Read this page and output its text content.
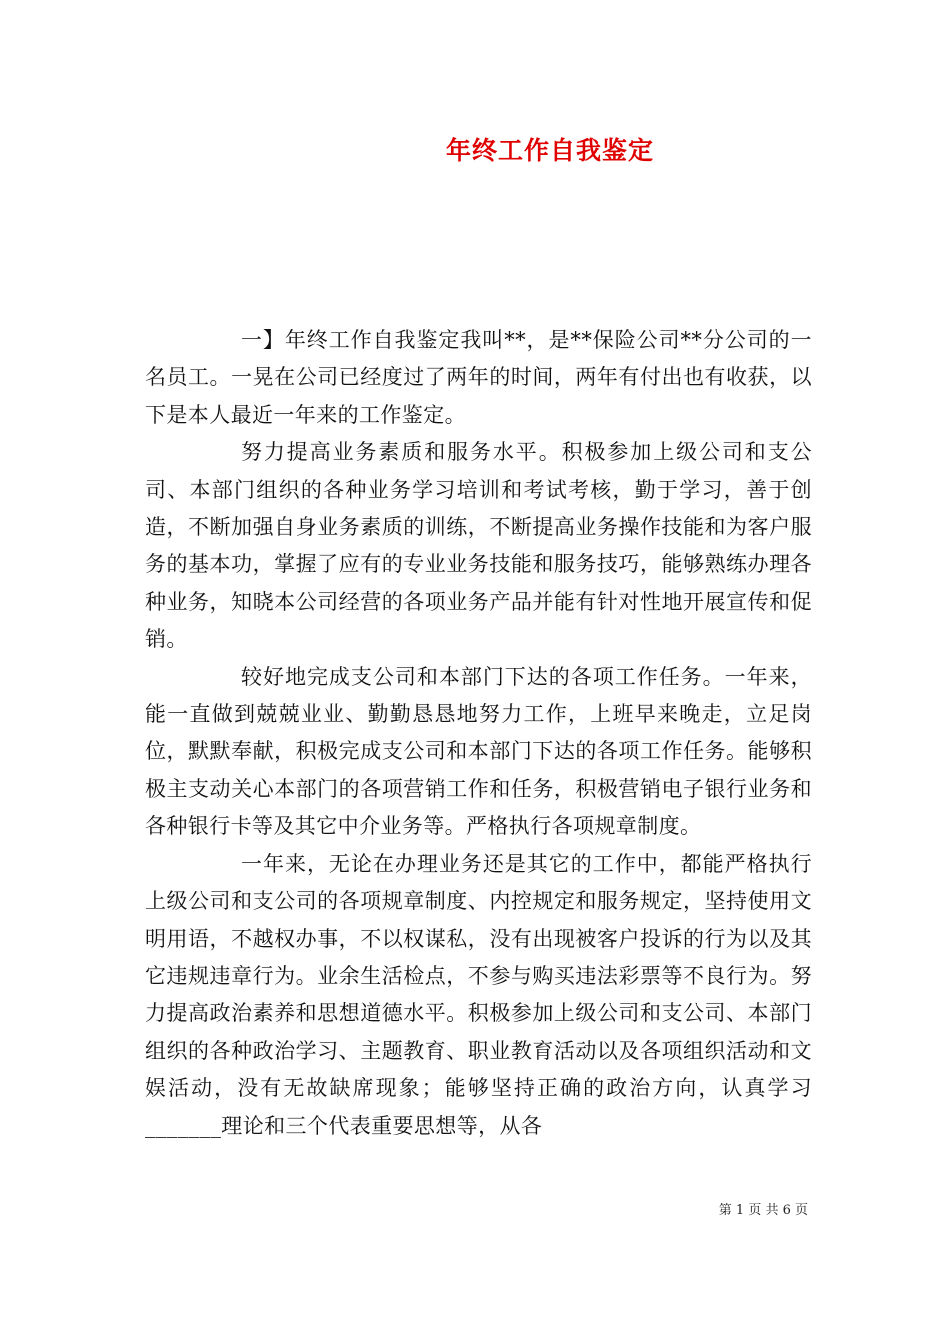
年终工作自我鉴定

一】年终工作自我鉴定我叫**，是**保险公司**分公司的一名员工。一晃在公司已经度过了两年的时间，两年有付出也有收获，以下是本人最近一年来的工作鉴定。

努力提高业务素质和服务水平。积极参加上级公司和支公司、本部门组织的各种业务学习培训和考试考核，勤于学习，善于创造，不断加强自身业务素质的训练，不断提高业务操作技能和为客户服务的基本功，掌握了应有的专业业务技能和服务技巧，能够熟练办理各种业务，知晓本公司经营的各项业务产品并能有针对性地开展宣传和促销。

较好地完成支公司和本部门下达的各项工作任务。一年来，能一直做到兢兢业业、勤勤恳恳地努力工作，上班早来晚走，立足岗位，默默奉献，积极完成支公司和本部门下达的各项工作任务。能够积极主支动关心本部门的各项营销工作和任务，积极营销电子银行业务和各种银行卡等及其它中介业务等。严格执行各项规章制度。

一年来，无论在办理业务还是其它的工作中，都能严格执行上级公司和支公司的各项规章制度、内控规定和服务规定，坚持使用文明用语，不越权办事，不以权谋私，没有出现被客户投诉的行为以及其它违规违章行为。业余生活检点，不参与购买违法彩票等不良行为。努力提高政治素养和思想道德水平。积极参加上级公司和支公司、本部门组织的各种政治学习、主题教育、职业教育活动以及各项组织活动和文娱活动，没有无故缺席现象；能够坚持正确的政治方向，认真学习_______理论和三个代表重要思想等，从各

第 1 页 共 6 页
